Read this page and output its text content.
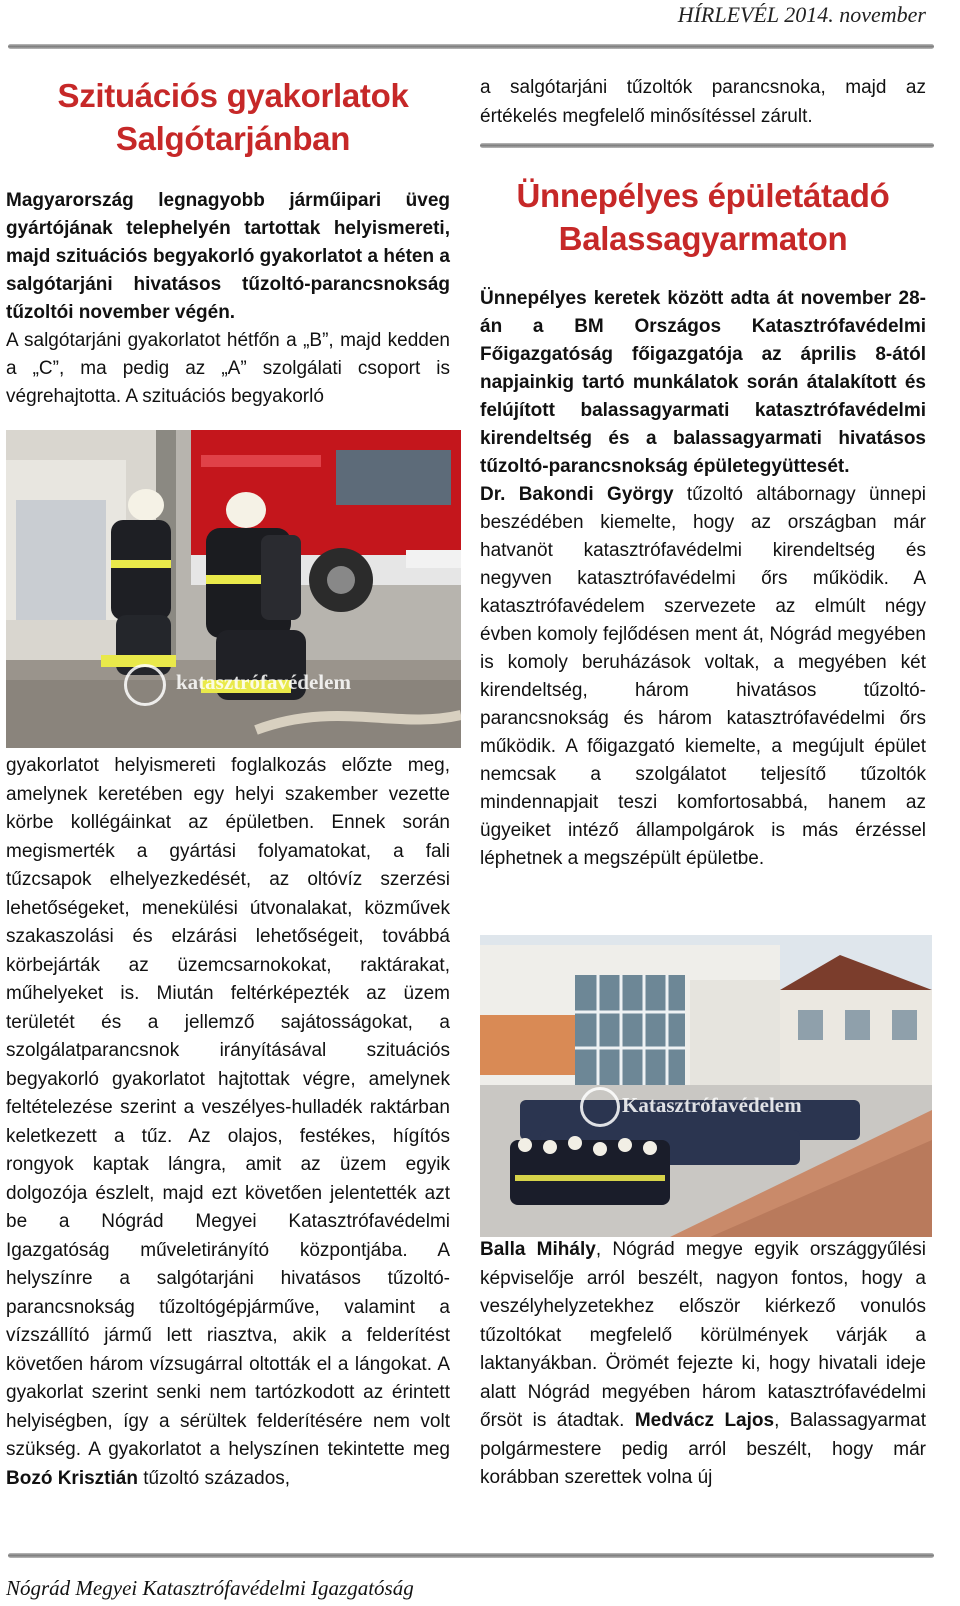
HÍRLEVÉL 2014. november
Szituációs gyakorlatok
Salgótarjánban
Magyarország legnagyobb járműipari üveg gyártójának telephelyén tartottak helyismereti, majd szituációs begyakorló gyakorlatot a héten a salgótarjáni hivatásos tűzoltó-parancsnokság tűzoltói november végén.
A salgótarjáni gyakorlatot hétfőn a „B”, majd kedden a „C”, ma pedig az „A” szolgálati csoport is végrehajtotta. A szituációs begyakorló
katasztrófavédelem
gyakorlatot helyismereti foglalkozás előzte meg, amelynek keretében egy helyi szakember vezette körbe kollégáinkat az épületben. Ennek során megismerték a gyártási folyamatokat, a fali tűzcsapok elhelyezkedését, az oltóvíz szerzési lehetőségeket, menekülési útvonalakat, közművek szakaszolási és elzárási lehetőségeit, továbbá körbejárták az üzemcsarnokokat, raktárakat, műhelyeket is. Miután feltérképezték az üzem területét és a jellemző sajátosságokat, a szolgálatparancsnok irányításával szituációs begyakorló gyakorlatot hajtottak végre, amelynek feltételezése szerint a veszélyes-hulladék raktárban keletkezett a tűz. Az olajos, festékes, hígítós rongyok kaptak lángra, amit az üzem egyik dolgozója észlelt, majd ezt követően jelentették azt be a Nógrád Megyei Katasztrófavédelmi Igazgatóság műveletirányító központjába. A helyszínre a salgótarjáni hivatásos tűzoltó-parancsnokság tűzoltógépjárműve, valamint a vízszállító jármű lett riasztva, akik a felderítést követően három vízsugárral oltották el a lángokat. A gyakorlat szerint senki nem tartózkodott az érintett helyiségben, így a sérültek felderítésére nem volt szükség. A gyakorlatot a helyszínen tekintette meg Bozó Krisztián tűzoltó százados,
a salgótarjáni tűzoltók parancsnoka, majd az értékelés megfelelő minősítéssel zárult.
Ünnepélyes épületátadó
Balassagyarmaton
Ünnepélyes keretek között adta át november 28-án a BM Országos Katasztrófavédelmi Főigazgatóság főigazgatója az április 8-ától napjainkig tartó munkálatok során átalakított és felújított balassagyarmati katasztrófavédelmi kirendeltség és a balassagyarmati hivatásos tűzoltó-parancsnokság épületegyüttesét.
Dr. Bakondi György tűzoltó altábornagy ünnepi beszédében kiemelte, hogy az országban már hatvanöt katasztrófavédelmi kirendeltség és negyven katasztrófavédelmi őrs működik. A katasztrófavédelem szervezete az elmúlt négy évben komoly fejlődésen ment át, Nógrád megyében is komoly beruházások voltak, a megyében két kirendeltség, három hivatásos tűzoltó-parancsnokság és három katasztrófavédelmi őrs működik. A főigazgató kiemelte, a megújult épület nemcsak a szolgálatot teljesítő tűzoltók mindennapjait teszi komfortosabbá, hanem az ügyeiket intéző állampolgárok is más érzéssel léphetnek a megszépült épületbe.
Katasztrófavédelem
Balla Mihály, Nógrád megye egyik országgyűlési képviselője arról beszélt, nagyon fontos, hogy a veszélyhelyzetekhez először kiérkező vonulós tűzoltókat megfelelő körülmények várják a laktanyákban. Örömét fejezte ki, hogy hivatali ideje alatt Nógrád megyében három katasztrófavédelmi őrsöt is átadtak. Medvácz Lajos, Balassagyarmat polgármestere pedig arról beszélt, hogy már korábban szerettek volna új
Nógrád Megyei Katasztrófavédelmi Igazgatóság
